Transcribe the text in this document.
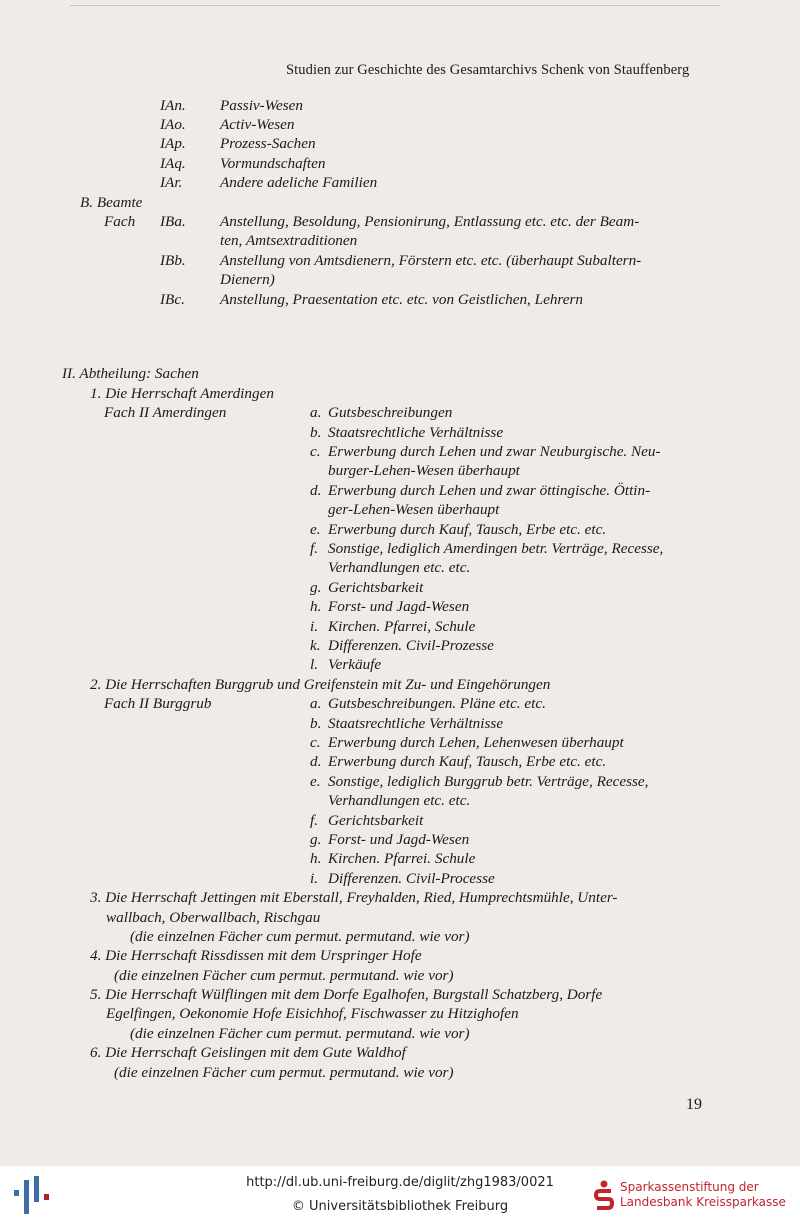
Studien zur Geschichte des Gesamtarchivs Schenk von Stauffenberg
IAn. Passiv-Wesen
IAo. Activ-Wesen
IAp. Prozess-Sachen
IAq. Vormundschaften
IAr. Andere adeliche Familien
B. Beamte
Fach IBa. Anstellung, Besoldung, Pensionirung, Entlassung etc. etc. der Beam-
ten, Amtsextraditionen
IBb. Anstellung von Amtsdienern, Förstern etc. etc. (überhaupt Subaltern-
Dienern)
IBc. Anstellung, Praesentation etc. etc. von Geistlichen, Lehrern
II. Abtheilung: Sachen
1. Die Herrschaft Amerdingen
Fach II Amerdingen	a. Gutsbeschreibungen
b. Staatsrechtliche Verhältnisse
c. Erwerbung durch Lehen und zwar Neuburgische. Neu-
burger-Lehen-Wesen überhaupt
d. Erwerbung durch Lehen und zwar öttingische. Öttin-
ger-Lehen-Wesen überhaupt
e. Erwerbung durch Kauf, Tausch, Erbe etc. etc.
f. Sonstige, lediglich Amerdingen betr. Verträge, Recesse,
Verhandlungen etc. etc.
g. Gerichtsbarkeit
h. Forst- und Jagd-Wesen
i. Kirchen. Pfarrei, Schule
k. Differenzen. Civil-Prozesse
l. Verkäufe
2. Die Herrschaften Burggrub und Greifenstein mit Zu- und Eingehörungen
Fach II Burggrub	a. Gutsbeschreibungen. Pläne etc. etc.
b. Staatsrechtliche Verhältnisse
c. Erwerbung durch Lehen, Lehenwesen überhaupt
d. Erwerbung durch Kauf, Tausch, Erbe etc. etc.
e. Sonstige, lediglich Burggrub betr. Verträge, Recesse,
Verhandlungen etc. etc.
f. Gerichtsbarkeit
g. Forst- und Jagd-Wesen
h. Kirchen. Pfarrei. Schule
i. Differenzen. Civil-Processe
3. Die Herrschaft Jettingen mit Eberstall, Freyhalden, Ried, Humprechtsmühle, Unter-
wallbach, Oberwallbach, Rischgau
(die einzelnen Fächer cum permut. permutand. wie vor)
4. Die Herrschaft Rissdissen mit dem Urspringer Hofe
(die einzelnen Fächer cum permut. permutand. wie vor)
5. Die Herrschaft Wülflingen mit dem Dorfe Egalhofen, Burgstall Schatzberg, Dorfe
Egelfingen, Oekonomie Hofe Eisichhof, Fischwasser zu Hitzighofen
(die einzelnen Fächer cum permut. permutand. wie vor)
6. Die Herrschaft Geislingen mit dem Gute Waldhof
(die einzelnen Fächer cum permut. permutand. wie vor)
19
http://dl.ub.uni-freiburg.de/diglit/zhg1983/0021
© Universitätsbibliothek Freiburg
Sparkassenstiftung der
Landesbank Kreissparkasse
